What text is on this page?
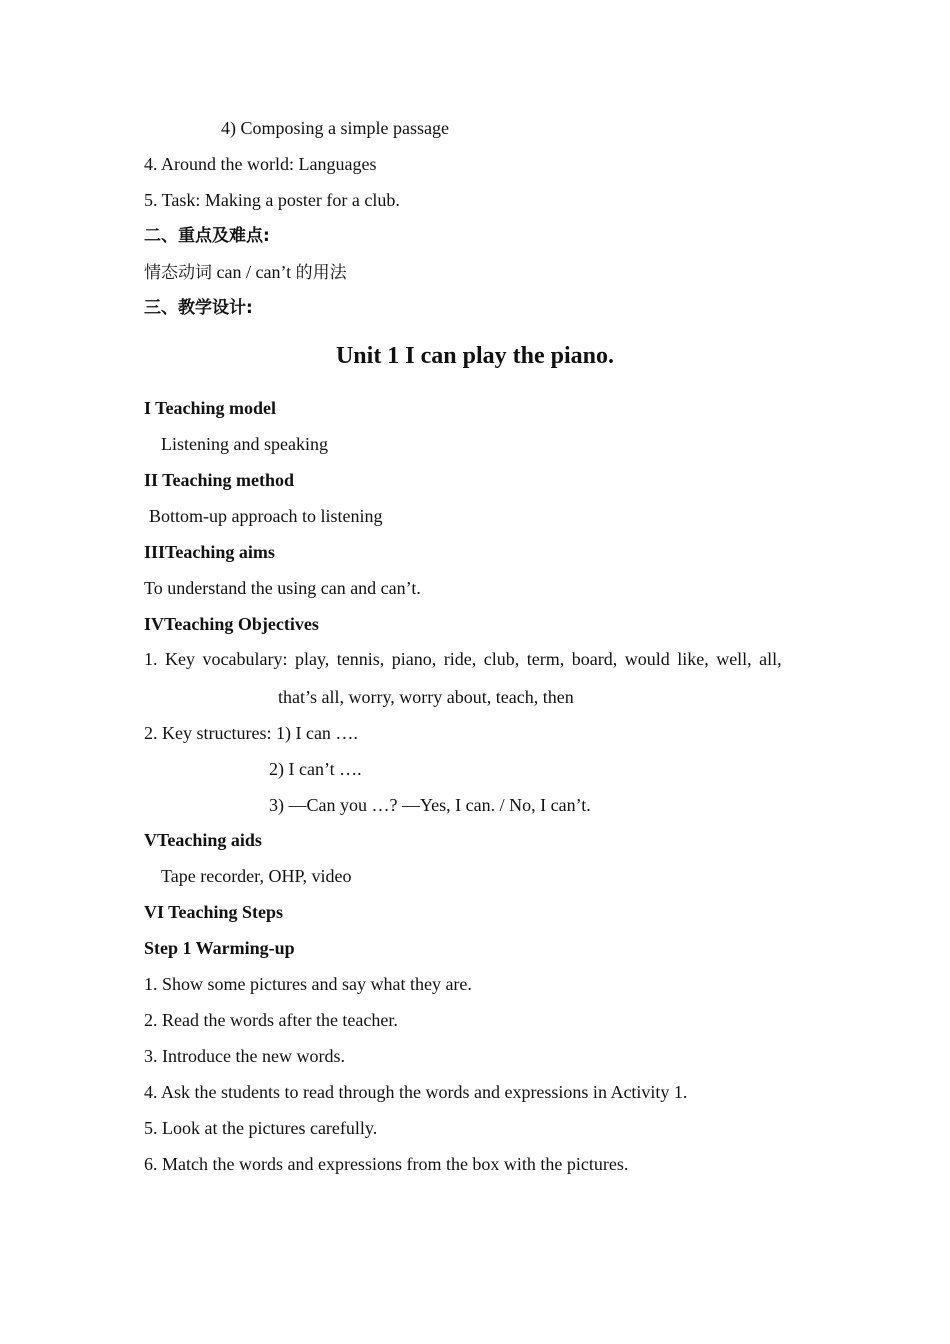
4) Composing a simple passage
4. Around the world: Languages
5. Task: Making a poster for a club.
二、重点及难点:
情态动词 can / can’t 的用法
三、教学设计:
Unit 1 I can play the piano.
I Teaching model
Listening and speaking
II Teaching method
Bottom-up approach to listening
IIITeaching aims
To understand the using can and can’t.
IVTeaching Objectives
1. Key vocabulary: play, tennis, piano, ride, club, term, board, would like, well, all,
that’s all, worry, worry about, teach, then
2. Key structures: 1) I can ….
2) I can’t ….
3) —Can you …? —Yes, I can. / No, I can’t.
VTeaching aids
Tape recorder, OHP, video
VI Teaching Steps
Step 1 Warming-up
1. Show some pictures and say what they are.
2. Read the words after the teacher.
3. Introduce the new words.
4. Ask the students to read through the words and expressions in Activity 1.
5. Look at the pictures carefully.
6. Match the words and expressions from the box with the pictures.
